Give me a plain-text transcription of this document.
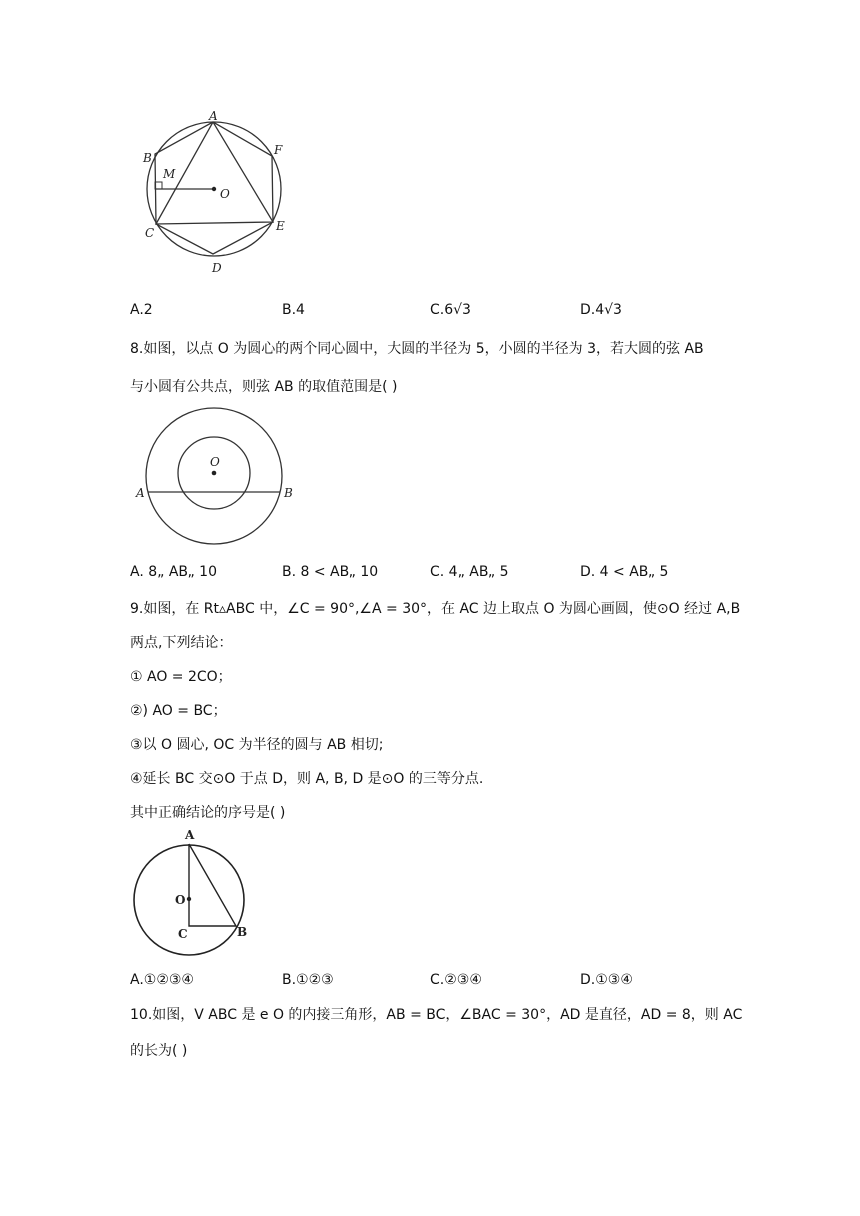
A
B
C
D
E
F
M
O
A.2	B.4	C.6√3	D.4√3
8.如图，以点 O 为圆心的两个同心圆中，大圆的半径为 5，小圆的半径为 3，若大圆的弦 AB
与小圆有公共点，则弦 AB 的取值范围是( )
O
A	B
A. 8„ AB„ 10	B. 8 < AB„ 10	C. 4„ AB„ 5	D. 4 < AB„ 5
9.如图，在 Rt▵ABC 中，∠C = 90°,∠A = 30°，在 AC 边上取点 O 为圆心画圆，使⊙O 经过 A,B
两点,下列结论：
① AO = 2CO；
②) AO = BC；
③以 O 圆心, OC 为半径的圆与 AB 相切;
④延长 BC 交⊙O 于点 D，则 A, B, D 是⊙O 的三等分点.
其中正确结论的序号是( )
A
O
C	B
A.①②③④	B.①②③	C.②③④	D.①③④
10.如图，V ABC 是 e O 的内接三角形，AB = BC，∠BAC = 30°，AD 是直径，AD = 8，则 AC
的长为( )
